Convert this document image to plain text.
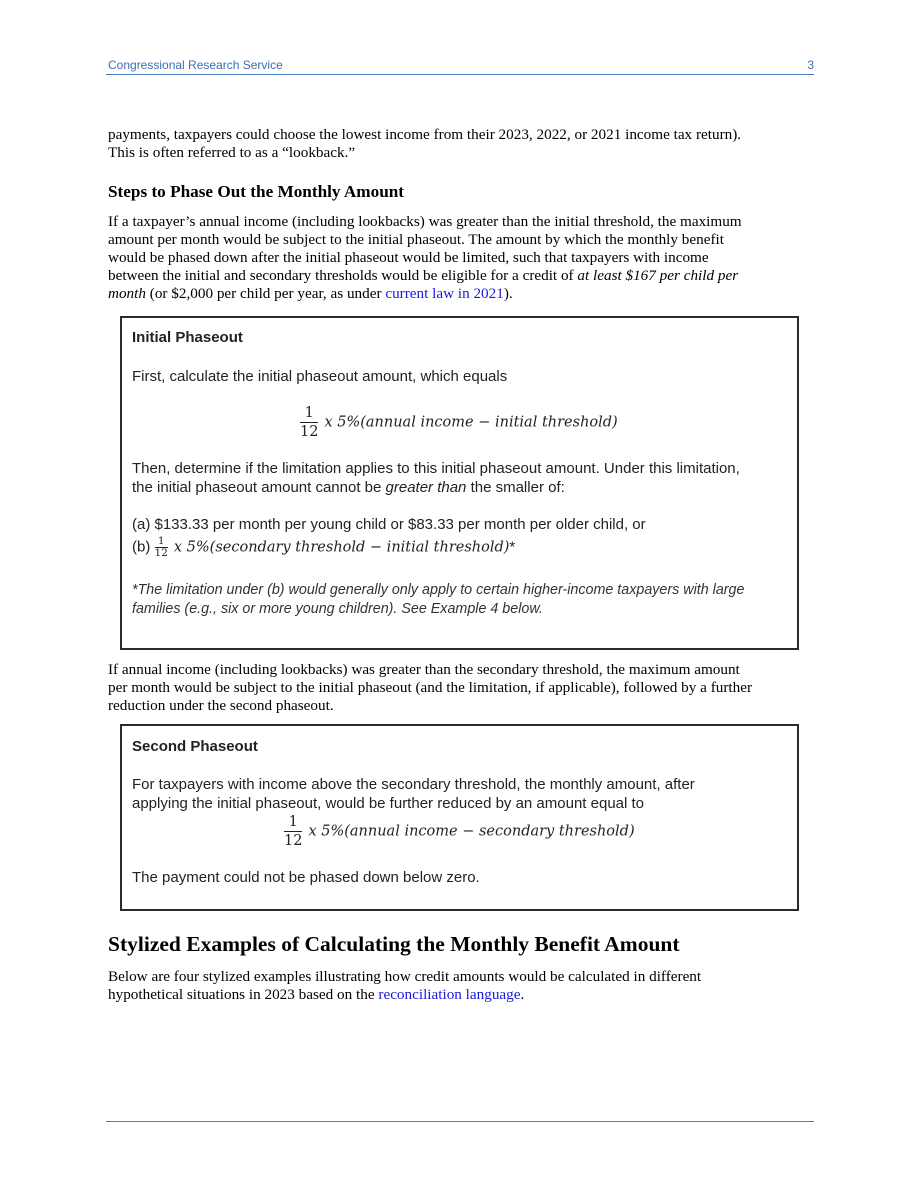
Congressional Research Service	3
payments, taxpayers could choose the lowest income from their 2023, 2022, or 2021 income tax return).
This is often referred to as a “lookback.”
Steps to Phase Out the Monthly Amount
If a taxpayer’s annual income (including lookbacks) was greater than the initial threshold, the maximum
amount per month would be subject to the initial phaseout. The amount by which the monthly benefit
would be phased down after the initial phaseout would be limited, such that taxpayers with income
between the initial and secondary thresholds would be eligible for a credit of at least $167 per child per
month (or $2,000 per child per year, as under current law in 2021).
Initial Phaseout
First, calculate the initial phaseout amount, which equals
$\frac{1}{12}$ x 5%(annual income − initial threshold)
Then, determine if the limitation applies to this initial phaseout amount. Under this limitation,
the initial phaseout amount cannot be greater than the smaller of:
(a) $133.33 per month per young child or $83.33 per month per older child, or
$(b) \frac{1}{12}$ x 5%(secondary threshold − initial threshold)*
*The limitation under (b) would generally only apply to certain higher-income taxpayers with large
families (e.g., six or more young children). See Example 4 below.
If annual income (including lookbacks) was greater than the secondary threshold, the maximum amount
per month would be subject to the initial phaseout (and the limitation, if applicable), followed by a further
reduction under the second phaseout.
Second Phaseout
For taxpayers with income above the secondary threshold, the monthly amount, after
applying the initial phaseout, would be further reduced by an amount equal to
$\frac{1}{12}$ x 5%(annual income − secondary threshold)
The payment could not be phased down below zero.
Stylized Examples of Calculating the Monthly Benefit Amount
Below are four stylized examples illustrating how credit amounts would be calculated in different
hypothetical situations in 2023 based on the reconciliation language.
